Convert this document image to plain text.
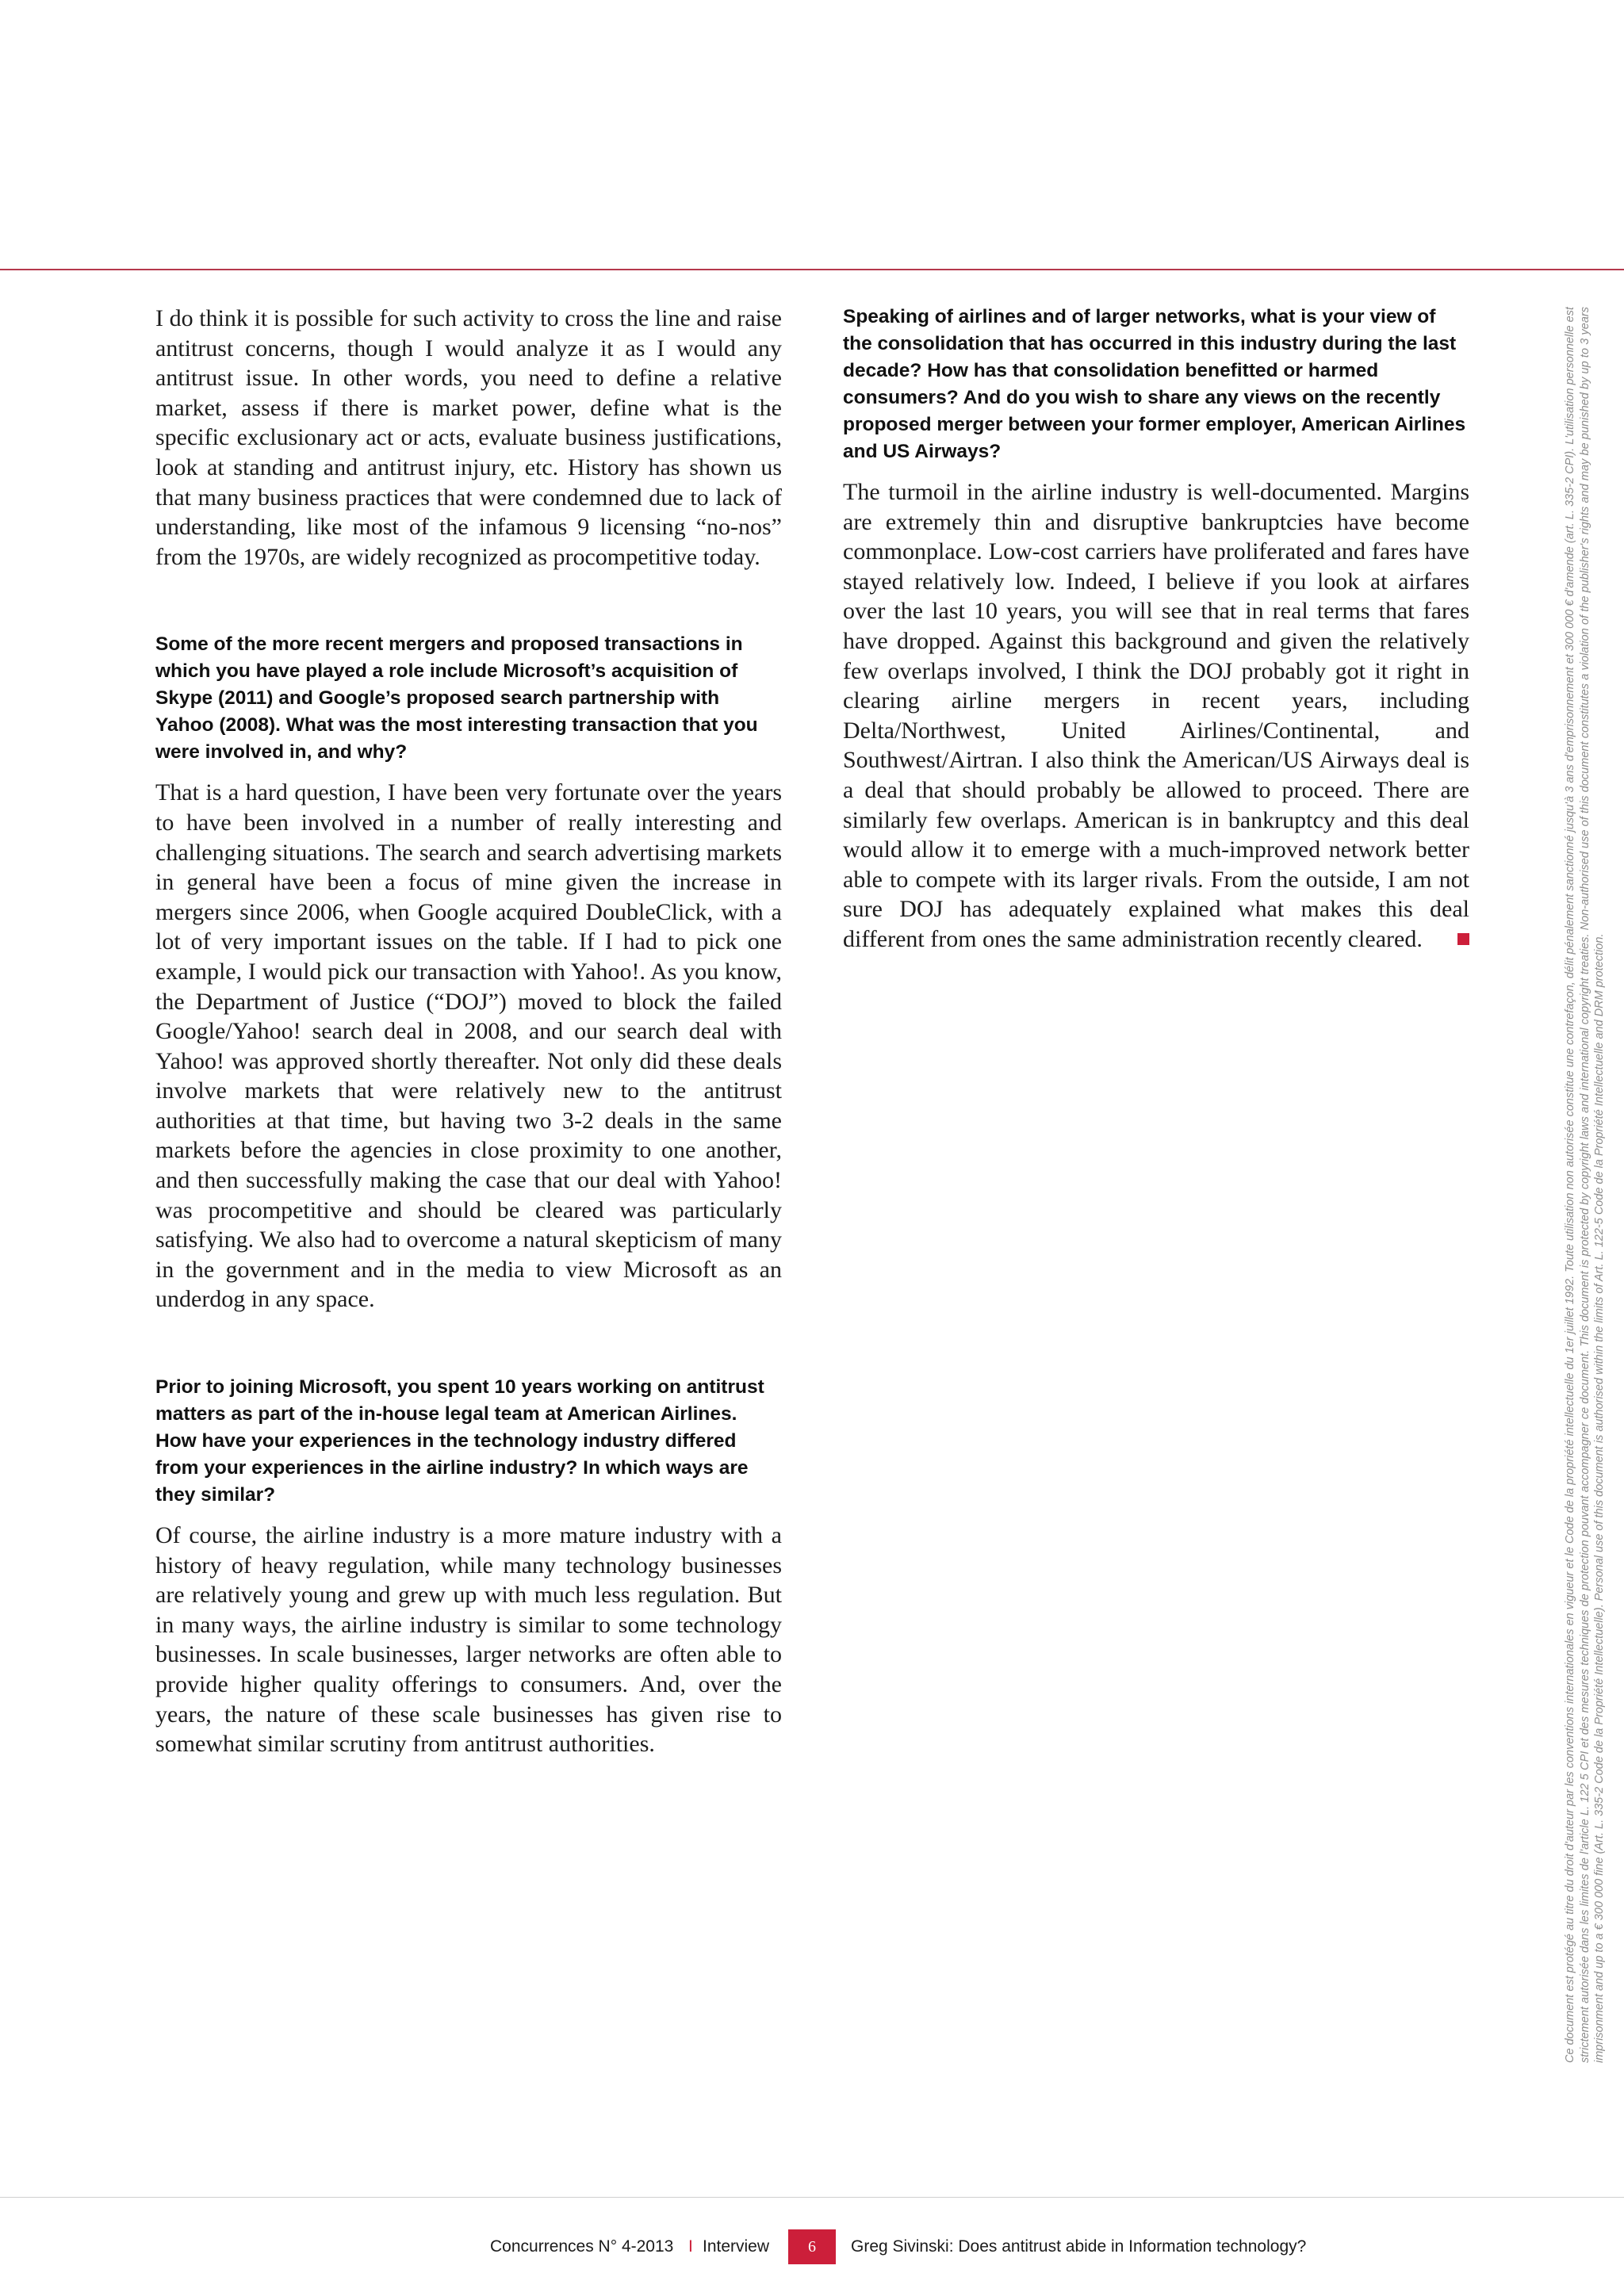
I do think it is possible for such activity to cross the line and raise antitrust concerns, though I would analyze it as I would any antitrust issue. In other words, you need to define a relative market, assess if there is market power, define what is the specific exclusionary act or acts, evaluate business justifications, look at standing and antitrust injury, etc. History has shown us that many business practices that were condemned due to lack of understanding, like most of the infamous 9 licensing “no-nos” from the 1970s, are widely recognized as procompetitive today.

Some of the more recent mergers and proposed transactions in which you have played a role include Microsoft’s acquisition of Skype (2011) and Google’s proposed search partnership with Yahoo (2008). What was the most interesting transaction that you were involved in, and why?

That is a hard question, I have been very fortunate over the years to have been involved in a number of really interesting and challenging situations. The search and search advertising markets in general have been a focus of mine given the increase in mergers since 2006, when Google acquired DoubleClick, with a lot of very important issues on the table. If I had to pick one example, I would pick our transaction with Yahoo!. As you know, the Department of Justice (“DOJ”) moved to block the failed Google/Yahoo! search deal in 2008, and our search deal with Yahoo! was approved shortly thereafter. Not only did these deals involve markets that were relatively new to the antitrust authorities at that time, but having two 3-2 deals in the same markets before the agencies in close proximity to one another, and then successfully making the case that our deal with Yahoo! was procompetitive and should be cleared was particularly satisfying. We also had to overcome a natural skepticism of many in the government and in the media to view Microsoft as an underdog in any space.

Prior to joining Microsoft, you spent 10 years working on antitrust matters as part of the in-house legal team at American Airlines. How have your experiences in the technology industry differed from your experiences in the airline industry? In which ways are they similar?

Of course, the airline industry is a more mature industry with a history of heavy regulation, while many technology businesses are relatively young and grew up with much less regulation. But in many ways, the airline industry is similar to some technology businesses. In scale businesses, larger networks are often able to provide higher quality offerings to consumers. And, over the years, the nature of these scale businesses has given rise to somewhat similar scrutiny from antitrust authorities.

Speaking of airlines and of larger networks, what is your view of the consolidation that has occurred in this industry during the last decade? How has that consolidation benefitted or harmed consumers? And do you wish to share any views on the recently proposed merger between your former employer, American Airlines and US Airways?

The turmoil in the airline industry is well-documented. Margins are extremely thin and disruptive bankruptcies have become commonplace. Low-cost carriers have proliferated and fares have stayed relatively low. Indeed, I believe if you look at airfares over the last 10 years, you will see that in real terms that fares have dropped. Against this background and given the relatively few overlaps involved, I think the DOJ probably got it right in clearing airline mergers in recent years, including Delta/Northwest, United Airlines/Continental, and Southwest/Airtran. I also think the American/US Airways deal is a deal that should probably be allowed to proceed. There are similarly few overlaps. American is in bankruptcy and this deal would allow it to emerge with a much-improved network better able to compete with its larger rivals. From the outside, I am not sure DOJ has adequately explained what makes this deal different from ones the same administration recently cleared.	Ce document est protégé au titre du droit d'auteur par les conventions internationales en vigueur et le Code de la propriété intellectuelle du 1er juillet 1992. Toute utilisation non autorisée constitue une contrefaçon, délit pénalement sanctionné jusqu'à 3 ans d'emprisonnement et 300 000 € d'amende (art. L. 335-2 CPI). L'utilisation personnelle est strictement autorisée dans les limites de l'article L. 122 5 CPI et des mesures techniques de protection pouvant accompagner ce document. This document is protected by copyright laws and international copyright treaties. Non-authorised use of this document constitutes a violation of the publisher's rights and may be punished by up to 3 years imprisonment and up to a € 300 000 fine (Art. L. 335-2 Code de la Propriété Intellectuelle). Personal use of this document is authorised within the limits of Art. L. 122-5 Code de la Propriété Intellectuelle and DRM protection.
Concurrences N° 4-2013 I Interview	6	Greg Sivinski: Does antitrust abide in Information technology?
